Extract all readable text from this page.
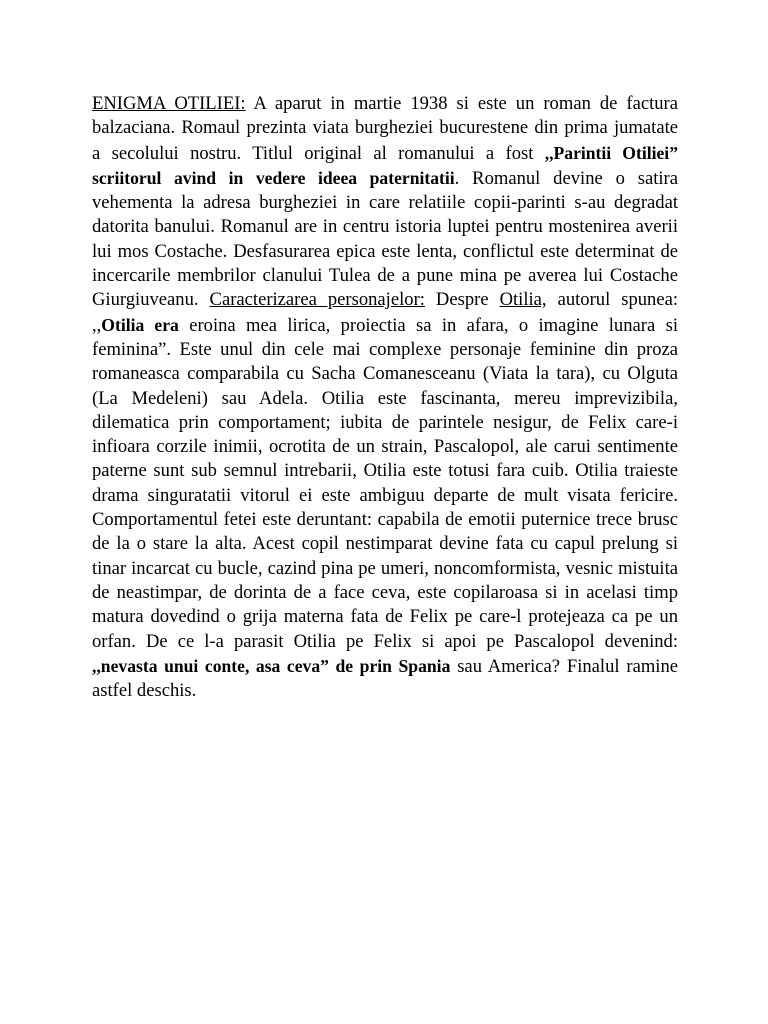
ENIGMA OTILIEI: A aparut in martie 1938 si este un roman de factura balzaciana. Romaul prezinta viata burgheziei bucurestene din prima jumatate a secolului nostru. Titlul original al romanului a fost ,,Parintii Otiliei” scriitorul avind in vedere ideea paternitatii. Romanul devine o satira vehementa la adresa burgheziei in care relatiile copii-parinti s-au degradat datorita banului. Romanul are in centru istoria luptei pentru mostenirea averii lui mos Costache. Desfasurarea epica este lenta, conflictul este determinat de incercarile membrilor clanului Tulea de a pune mina pe averea lui Costache Giurgiuveanu. Caracterizarea personajelor: Despre Otilia, autorul spunea: ,,Otilia era eroina mea lirica, proiectia sa in afara, o imagine lunara si feminina”. Este unul din cele mai complexe personaje feminine din proza romaneasca comparabila cu Sacha Comanesceanu (Viata la tara), cu Olguta (La Medeleni) sau Adela. Otilia este fascinanta, mereu imprevizibila, dilematica prin comportament; iubita de parintele nesigur, de Felix care-i infioara corzile inimii, ocrotita de un strain, Pascalopol, ale carui sentimente paterne sunt sub semnul intrebarii, Otilia este totusi fara cuib. Otilia traieste drama singuratatii vitorul ei este ambiguu departe de mult visata fericire. Comportamentul fetei este deruntant: capabila de emotii puternice trece brusc de la o stare la alta. Acest copil nestimparat devine fata cu capul prelung si tinar incarcat cu bucle, cazind pina pe umeri, noncomformista, vesnic mistuita de neastimpar, de dorinta de a face ceva, este copilaroasa si in acelasi timp matura dovedind o grija materna fata de Felix pe care-l protejeaza ca pe un orfan. De ce l-a parasit Otilia pe Felix si apoi pe Pascalopol devenind: ,,nevasta unui conte, asa ceva” de prin Spania sau America? Finalul ramine astfel deschis.
